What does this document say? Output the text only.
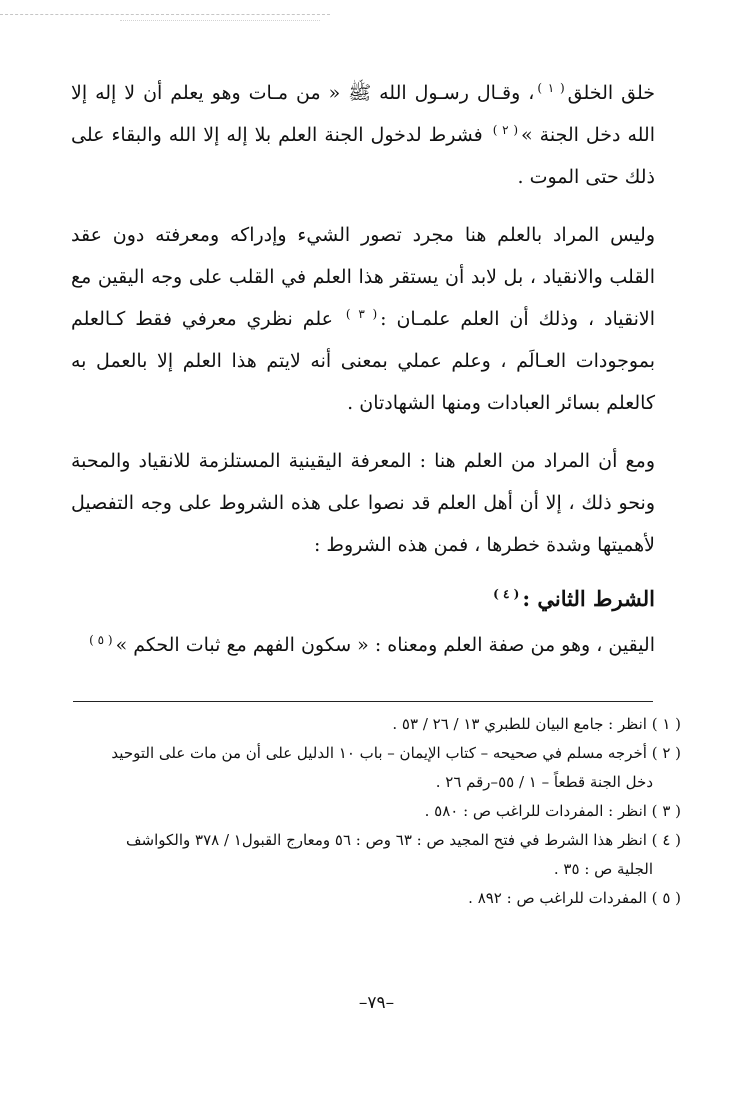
خلق الخلق$^{( ١ )}$، وقـال رسـول الله ﷺ « من مـات وهو يعلم أن لا إله إلا الله دخل الجنة »$^{( ٢ )}$ فشرط لدخول الجنة العلم بلا إله إلا الله والبقاء على ذلك حتى الموت .

وليس المراد بالعلم هنا مجرد تصور الشيء وإدراكه ومعرفته دون عقد القلب والانقياد ، بل لابد أن يستقر هذا العلم في القلب على وجه اليقين مع الانقياد ، وذلك أن العلم علمـان :$^{( ٣ )}$ علم نظري معرفي فقط كـالعلم بموجودات العـالَم ، وعلم عملي بمعنى أنه لايتم هذا العلم إلا بالعمل به كالعلم بسائر العبادات ومنها الشهادتان .

ومع أن المراد من العلم هنا : المعرفة اليقينية المستلزمة للانقياد والمحبة ونحو ذلك ، إلا أن أهل العلم قد نصوا على هذه الشروط على وجه التفصيل لأهميتها وشدة خطرها ، فمن هذه الشروط :

الشرط الثاني :$^{( ٤ )}$

اليقين ، وهو من صفة العلم ومعناه : « سكون الفهم مع ثبات الحكم »$^{( ٥ )}$

( ١ ) انظر : جامع البيان للطبري ١٣ / ٢٦ / ٥٣ .

( ٢ ) أخرجه مسلم في صحيحه – كتاب الإيمان – باب ١٠ الدليل على أن من مات على التوحيد

دخل الجنة قطعاً – ١ / ٥٥–رقم ٢٦ .

( ٣ ) انظر : المفردات للراغب ص : ٥٨٠ .

( ٤ ) انظر هذا الشرط في فتح المجيد ص : ٦٣ وص : ٥٦ ومعارج القبول١ / ٣٧٨ والكواشف

الجلية ص : ٣٥ .

( ٥ ) المفردات للراغب ص : ٨٩٢ .

–٧٩–
